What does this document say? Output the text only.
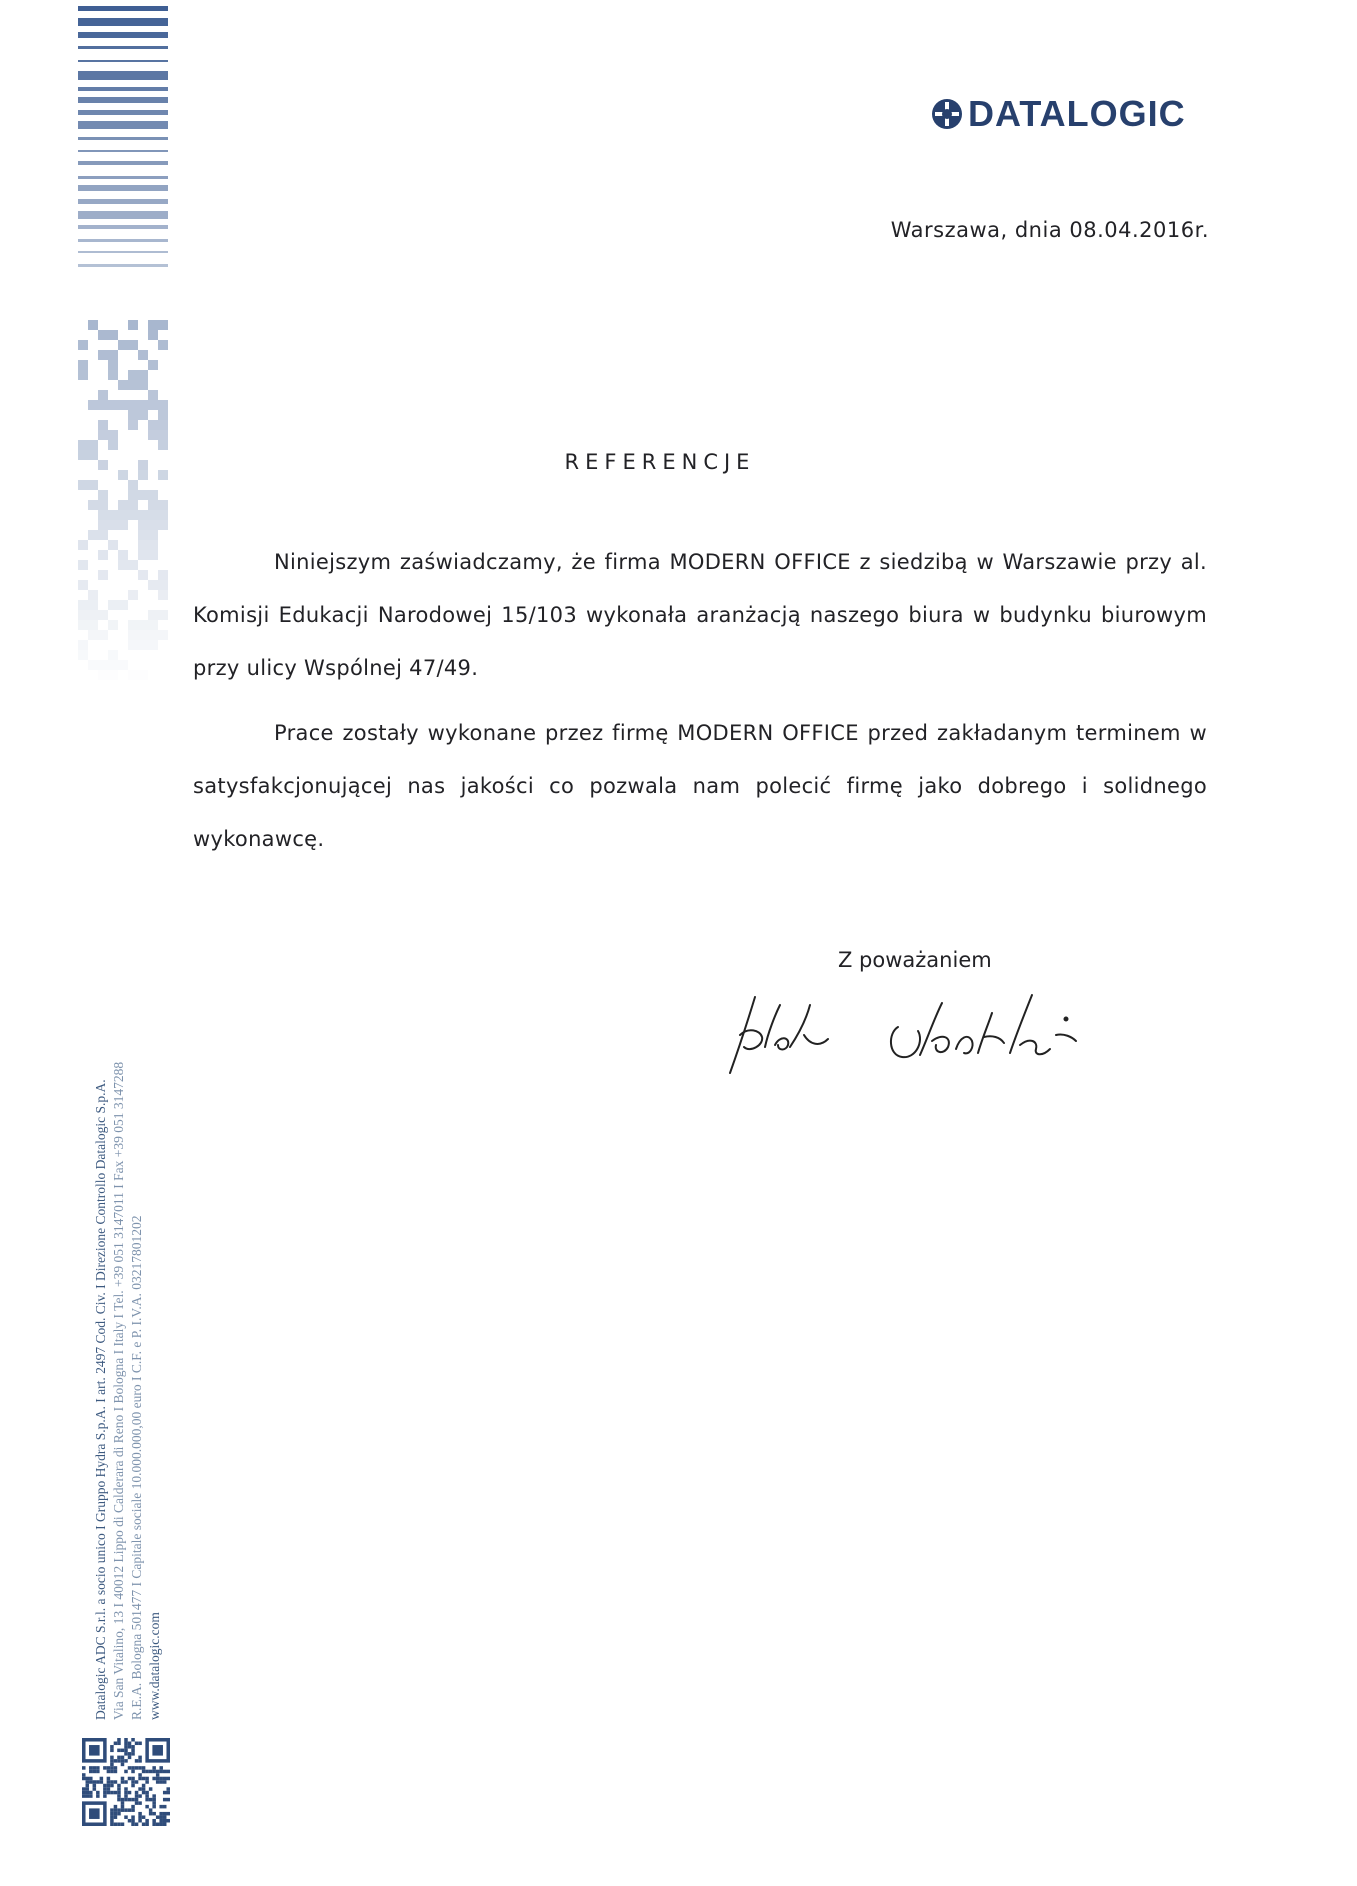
Datalogic ADC S.r.l. a socio unico I Gruppo Hydra S.p.A. I art. 2497 Cod. Civ. I Direzione Controllo Datalogic S.p.A. Via San Vitalino, 13 I 40012 Lippo di Calderara di Reno I Bologna I Italy I Tel. +39 051 3147011 I Fax +39 051 3147288 R.E.A. Bologna 501477 I Capitale sociale 10.000.000,00 euro I C.F. e P. I.V.A. 03217801202 www.datalogic.com
DATALOGIC
Warszawa, dnia 08.04.2016r.
REFERENCJE
Niniejszym zaświadczamy, że firma MODERN OFFICE z siedzibą w Warszawie przy al. Komisji Edukacji Narodowej 15/103 wykonała aranżacją naszego biura w budynku biurowym przy ulicy Wspólnej 47/49.
Prace zostały wykonane przez firmę MODERN OFFICE przed zakładanym terminem w satysfakcjonującej nas jakości co pozwala nam polecić firmę jako dobrego i solidnego wykonawcę.
Z poważaniem
